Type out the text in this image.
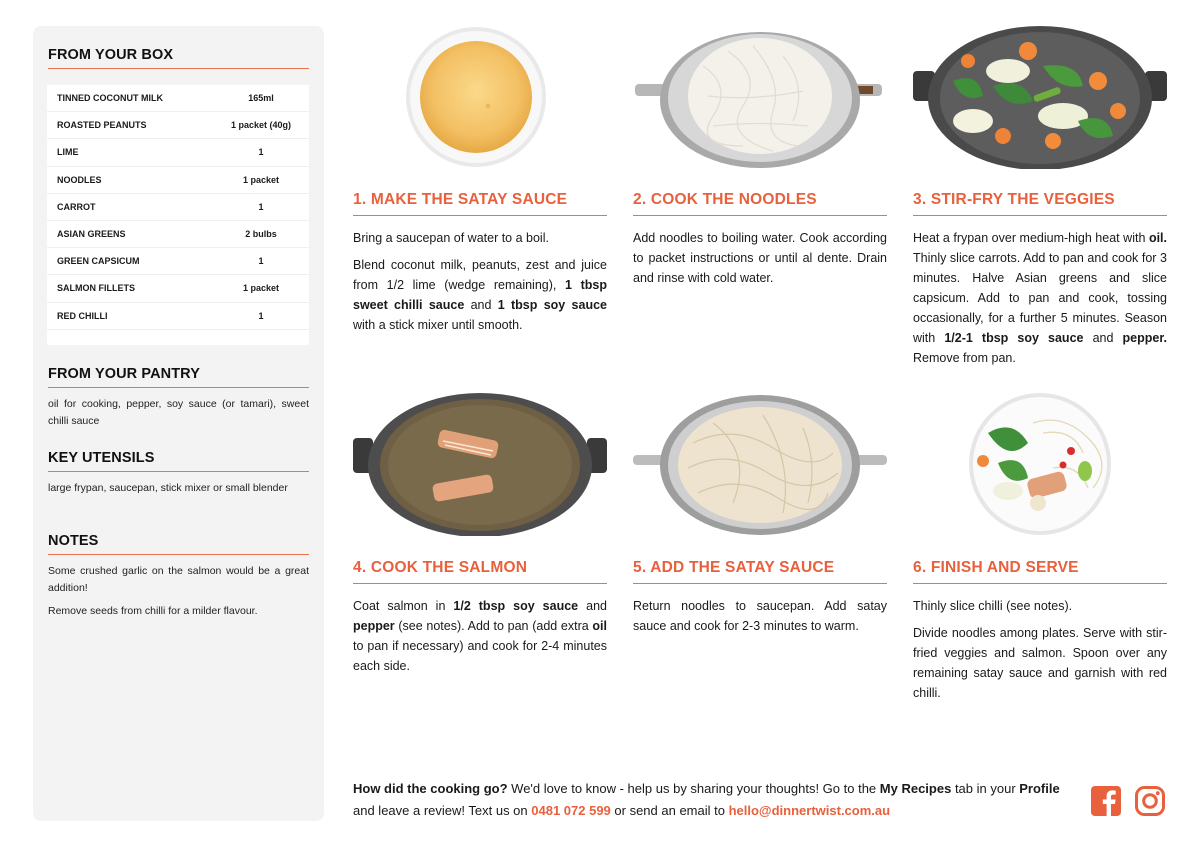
FROM YOUR BOX
TINNED COCONUT MILK	165ml
ROASTED PEANUTS	1 packet (40g)
LIME	1
NOODLES	1 packet
CARROT	1
ASIAN GREENS	2 bulbs
GREEN CAPSICUM	1
SALMON FILLETS	1 packet
RED CHILLI	1
FROM YOUR PANTRY

oil for cooking, pepper, soy sauce (or tamari), sweet chilli sauce

KEY UTENSILS

large frypan, saucepan, stick mixer or small blender

NOTES

Some crushed garlic on the salmon would be a great addition!

Remove seeds from chilli for a milder flavour.

1. MAKE THE SATAY SAUCE	2. COOK THE NOODLES	3. STIR-FRY THE VEGGIES
4. COOK THE SALMON	5. ADD THE SATAY SAUCE	6. FINISH AND SERVE

Bring a saucepan of water to a boil.

Blend coconut milk, peanuts, zest and juice from 1/2 lime (wedge remaining), 1 tbsp sweet chilli sauce and 1 tbsp soy sauce with a stick mixer until smooth.

Add noodles to boiling water. Cook according to packet instructions or until al dente. Drain and rinse with cold water.

Heat a frypan over medium-high heat with oil. Thinly slice carrots. Add to pan and cook for 3 minutes. Halve Asian greens and slice capsicum. Add to pan and cook, tossing occasionally, for a further 5 minutes. Season with 1/2-1 tbsp soy sauce and pepper. Remove from pan.

Coat salmon in 1/2 tbsp soy sauce and pepper (see notes). Add to pan (add extra oil to pan if necessary) and cook for 2-4 minutes each side.

Return noodles to saucepan. Add satay sauce and cook for 2-3 minutes to warm.

Thinly slice chilli (see notes).

Divide noodles among plates. Serve with stir-fried veggies and salmon. Spoon over any remaining satay sauce and garnish with red chilli.

How did the cooking go? We'd love to know - help us by sharing your thoughts! Go to the My Recipes tab in your Profile and leave a review! Text us on 0481 072 599 or send an email to hello@dinnertwist.com.au
